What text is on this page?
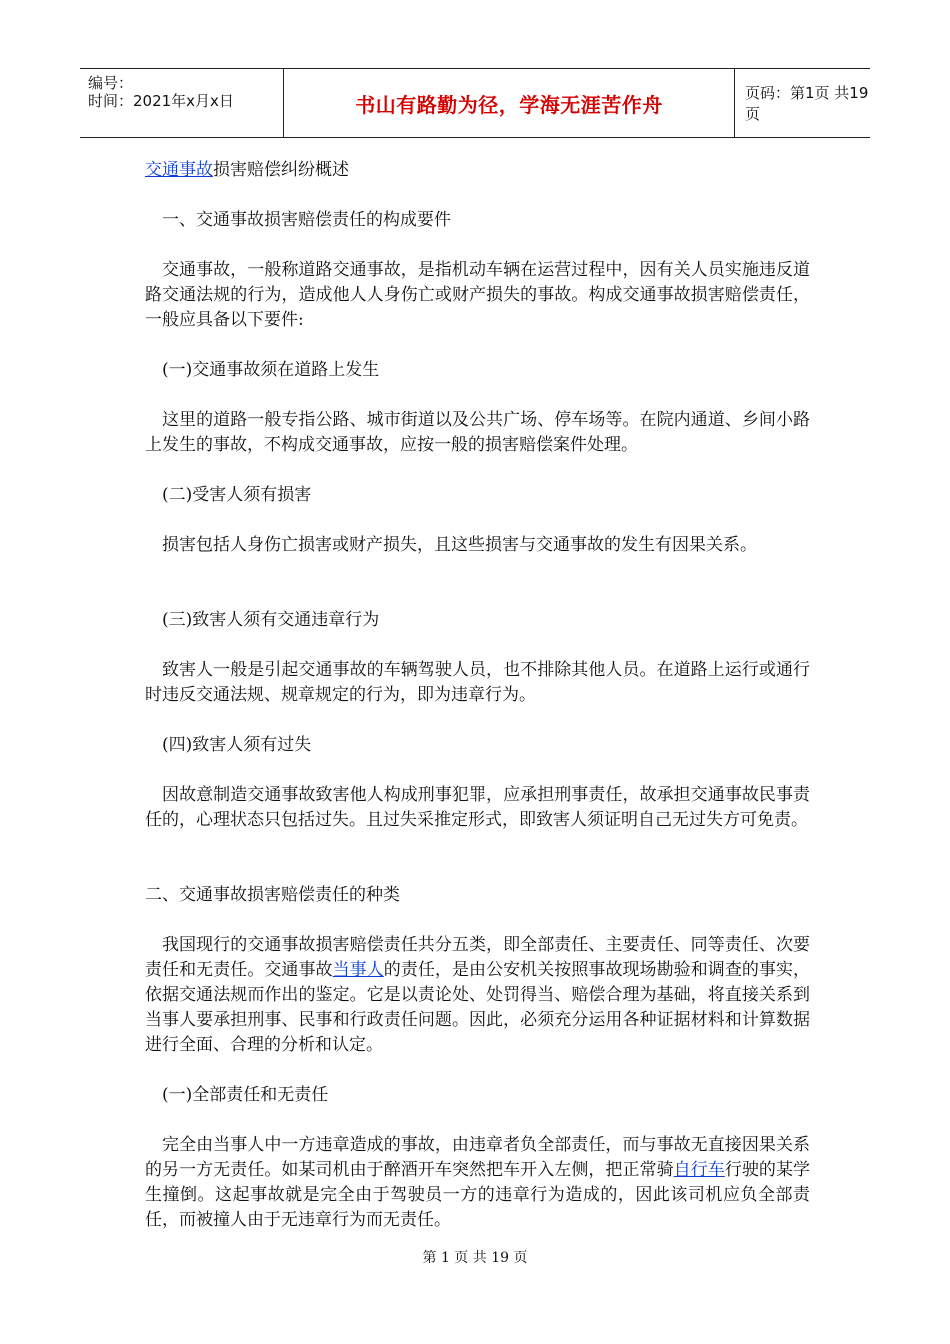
编号：
时间：2021年x月x日	书山有路勤为径，学海无涯苦作舟	页码：第1页 共19页

交通事故损害赔偿纠纷概述

一、交通事故损害赔偿责任的构成要件

交通事故，一般称道路交通事故，是指机动车辆在运营过程中，因有关人员实施违反道路交通法规的行为，造成他人人身伤亡或财产损失的事故。构成交通事故损害赔偿责任，一般应具备以下要件:

(一)交通事故须在道路上发生

这里的道路一般专指公路、城市街道以及公共广场、停车场等。在院内通道、乡间小路上发生的事故，不构成交通事故，应按一般的损害赔偿案件处理。

(二)受害人须有损害

损害包括人身伤亡损害或财产损失，且这些损害与交通事故的发生有因果关系。

(三)致害人须有交通违章行为

致害人一般是引起交通事故的车辆驾驶人员，也不排除其他人员。在道路上运行或通行时违反交通法规、规章规定的行为，即为违章行为。

(四)致害人须有过失

因故意制造交通事故致害他人构成刑事犯罪，应承担刑事责任，故承担交通事故民事责任的，心理状态只包括过失。且过失采推定形式，即致害人须证明自己无过失方可免责。

二、交通事故损害赔偿责任的种类

我国现行的交通事故损害赔偿责任共分五类，即全部责任、主要责任、同等责任、次要责任和无责任。交通事故当事人的责任，是由公安机关按照事故现场勘验和调查的事实，依据交通法规而作出的鉴定。它是以责论处、处罚得当、赔偿合理为基础，将直接关系到当事人要承担刑事、民事和行政责任问题。因此，必须充分运用各种证据材料和计算数据进行全面、合理的分析和认定。

(一)全部责任和无责任

完全由当事人中一方违章造成的事故，由违章者负全部责任，而与事故无直接因果关系的另一方无责任。如某司机由于醉酒开车突然把车开入左侧，把正常骑自行车行驶的某学生撞倒。这起事故就是完全由于驾驶员一方的违章行为造成的，因此该司机应负全部责任，而被撞人由于无违章行为而无责任。

第 1 页 共 19 页
